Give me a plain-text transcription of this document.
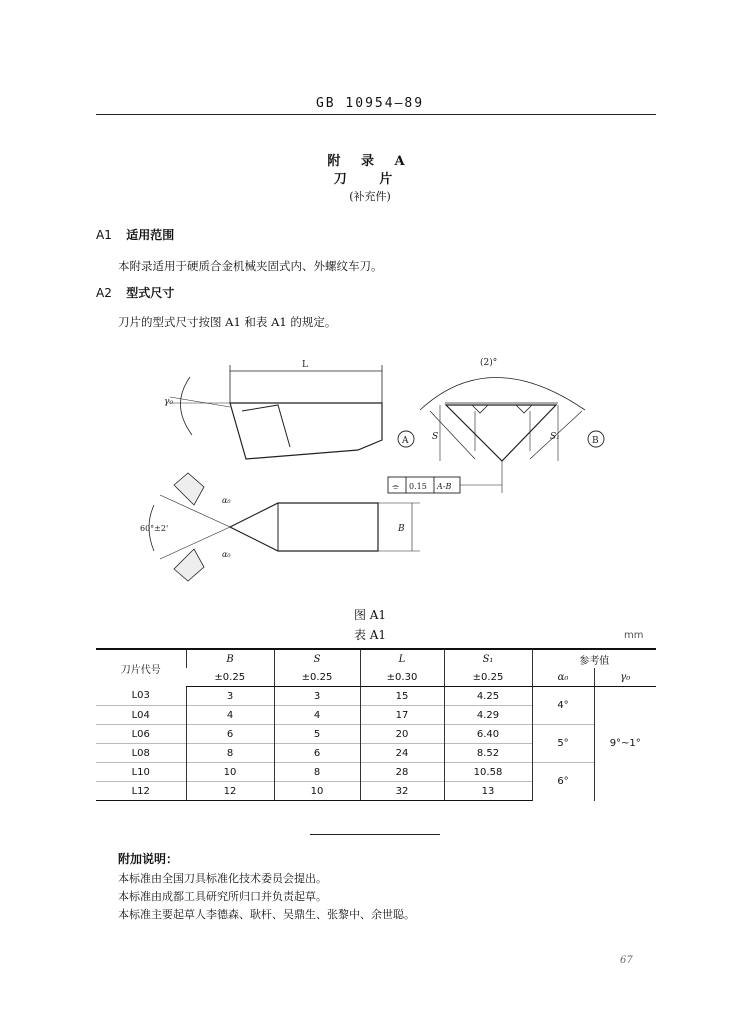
GB 10954—89
附 录 A
刀 片
(补充件)
A1 适用范围
本附录适用于硬质合金机械夹固式内、外螺纹车刀。
A2 型式尺寸
刀片的型式尺寸按图 A1 和表 A1 的规定。
L
γ₀
(2)°
S	S₁
A	B
⌯ 0.15 A-B
B
60°±2'
α₀
α₀
图 A1
表 A1	mm
刀片代号	B	S	L	S₁	参考值	
	±0.25	±0.25	±0.30	±0.25	α₀	γ₀
L03	3	3	15	4.25	4°	9°~1°
L04	4	4	17	4.29		
L06	6	5	20	6.40	5°	
L08	8	6	24	8.52		
L10	10	8	28	10.58	6°	
L12	12	10	32	13		
附加说明：
本标准由全国刀具标准化技术委员会提出。
本标准由成都工具研究所归口并负责起草。
本标准主要起草人李德森、耿杆、吴鼎生、张黎中、余世聪。
67
